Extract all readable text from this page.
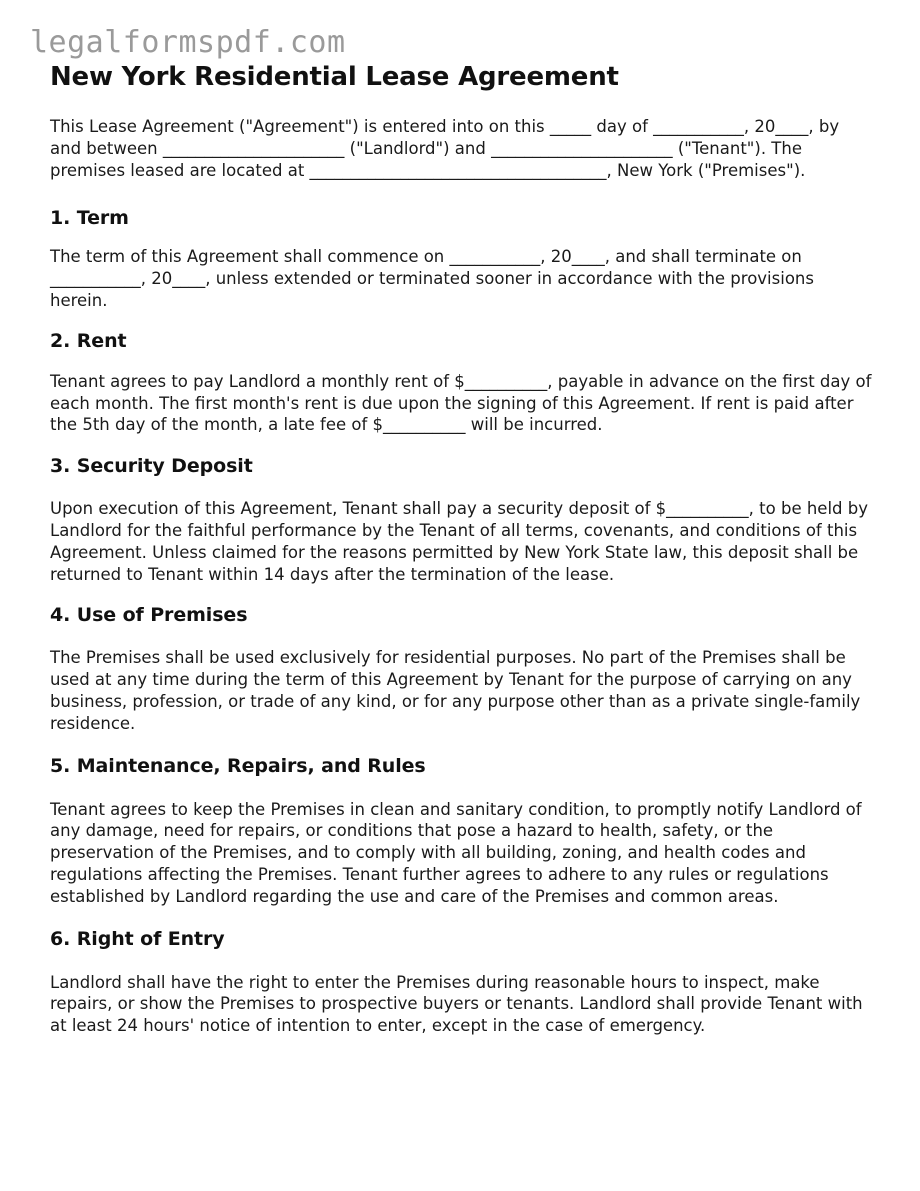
legalformspdf.com
New York Residential Lease Agreement

This Lease Agreement ("Agreement") is entered into on this _____ day of ___________, 20____, by and between ______________________ ("Landlord") and ______________________ ("Tenant"). The premises leased are located at ____________________________________, New York ("Premises").

1. Term

The term of this Agreement shall commence on ___________, 20____, and shall terminate on ___________, 20____, unless extended or terminated sooner in accordance with the provisions herein.

2. Rent

Tenant agrees to pay Landlord a monthly rent of $__________, payable in advance on the first day of each month. The first month's rent is due upon the signing of this Agreement. If rent is paid after the 5th day of the month, a late fee of $__________ will be incurred.

3. Security Deposit

Upon execution of this Agreement, Tenant shall pay a security deposit of $__________, to be held by Landlord for the faithful performance by the Tenant of all terms, covenants, and conditions of this Agreement. Unless claimed for the reasons permitted by New York State law, this deposit shall be returned to Tenant within 14 days after the termination of the lease.

4. Use of Premises

The Premises shall be used exclusively for residential purposes. No part of the Premises shall be used at any time during the term of this Agreement by Tenant for the purpose of carrying on any business, profession, or trade of any kind, or for any purpose other than as a private single-family residence.

5. Maintenance, Repairs, and Rules

Tenant agrees to keep the Premises in clean and sanitary condition, to promptly notify Landlord of any damage, need for repairs, or conditions that pose a hazard to health, safety, or the preservation of the Premises, and to comply with all building, zoning, and health codes and regulations affecting the Premises. Tenant further agrees to adhere to any rules or regulations established by Landlord regarding the use and care of the Premises and common areas.

6. Right of Entry

Landlord shall have the right to enter the Premises during reasonable hours to inspect, make repairs, or show the Premises to prospective buyers or tenants. Landlord shall provide Tenant with at least 24 hours' notice of intention to enter, except in the case of emergency.
